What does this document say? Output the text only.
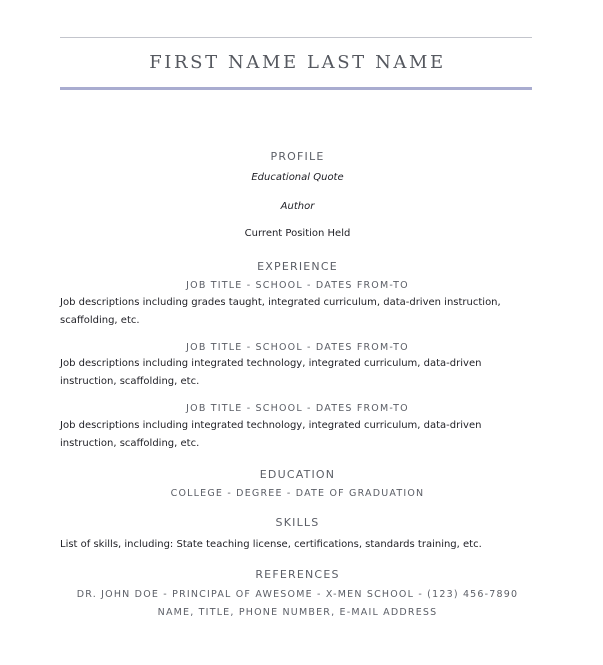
FIRST NAME LAST NAME
PROFILE
Educational Quote
Author
Current Position Held
EXPERIENCE
JOB TITLE - SCHOOL - DATES FROM-TO
Job descriptions including grades taught, integrated curriculum, data-driven instruction, scaffolding, etc.
JOB TITLE - SCHOOL - DATES FROM-TO
Job descriptions including integrated technology, integrated curriculum, data-driven instruction, scaffolding, etc.
JOB TITLE - SCHOOL - DATES FROM-TO
Job descriptions including integrated technology, integrated curriculum, data-driven instruction, scaffolding, etc.
EDUCATION
COLLEGE - DEGREE - DATE OF GRADUATION
SKILLS
List of skills, including: State teaching license, certifications, standards training, etc.
REFERENCES
DR. JOHN DOE - PRINCIPAL OF AWESOME - X-MEN SCHOOL - (123) 456-7890
NAME, TITLE, PHONE NUMBER, E-MAIL ADDRESS
